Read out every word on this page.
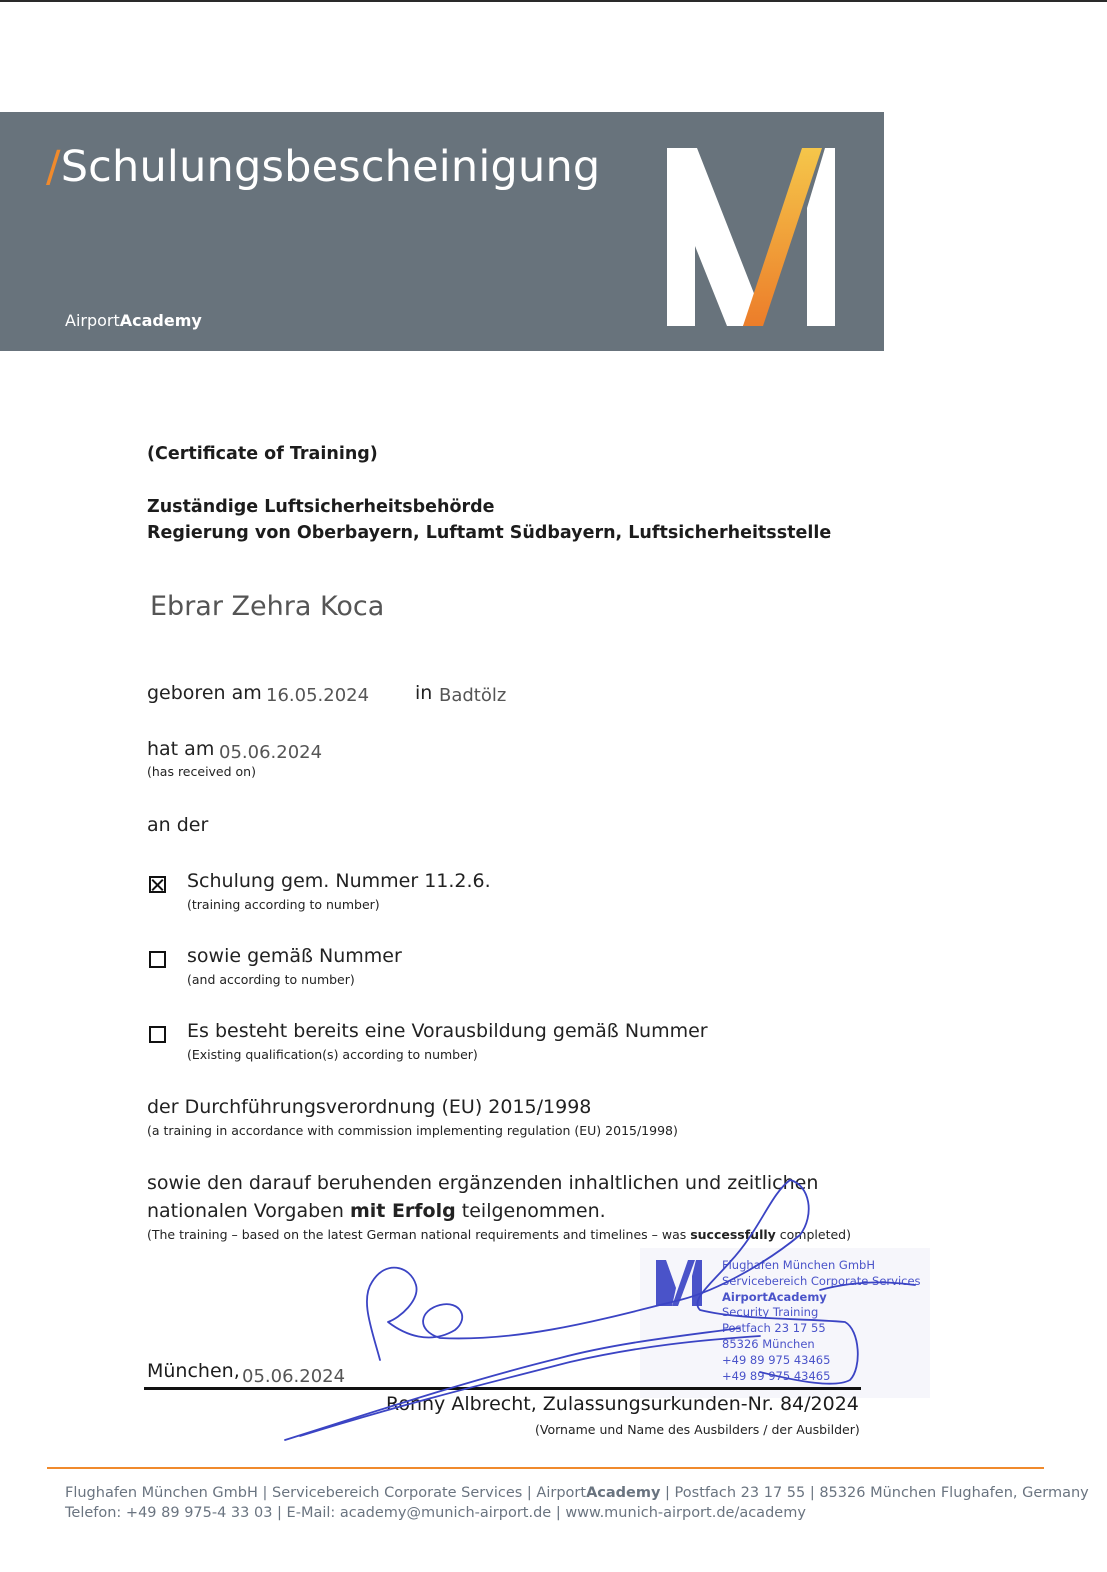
/Schulungsbescheinigung
AirportAcademy
(Certificate of Training)
Zuständige Luftsicherheitsbehörde
Regierung von Oberbayern, Luftamt Südbayern, Luftsicherheitsstelle
Ebrar Zehra Koca
geboren am 16.05.2024 in Badtölz
hat am 05.06.2024
(has received on)
an der
Schulung gem. Nummer 11.2.6.
(training according to number)
sowie gemäß Nummer
(and according to number)
Es besteht bereits eine Vorausbildung gemäß Nummer
(Existing qualification(s) according to number)
der Durchführungsverordnung (EU) 2015/1998
(a training in accordance with commission implementing regulation (EU) 2015/1998)
sowie den darauf beruhenden ergänzenden inhaltlichen und zeitlichen
nationalen Vorgaben mit Erfolg teilgenommen.
(The training – based on the latest German national requirements and timelines – was successfully completed)
Flughafen München GmbH
Servicebereich Corporate Services
AirportAcademy
Security Training
Postfach 23 17 55
85326 München
+49 89 975 43465
+49 89 975 43465
München, 05.06.2024
Ronny Albrecht, Zulassungsurkunden-Nr. 84/2024
(Vorname und Name des Ausbilders / der Ausbilder)
Flughafen München GmbH | Servicebereich Corporate Services | AirportAcademy | Postfach 23 17 55 | 85326 München Flughafen, Germany
Telefon: +49 89 975-4 33 03 | E-Mail: academy@munich-airport.de | www.munich-airport.de/academy
